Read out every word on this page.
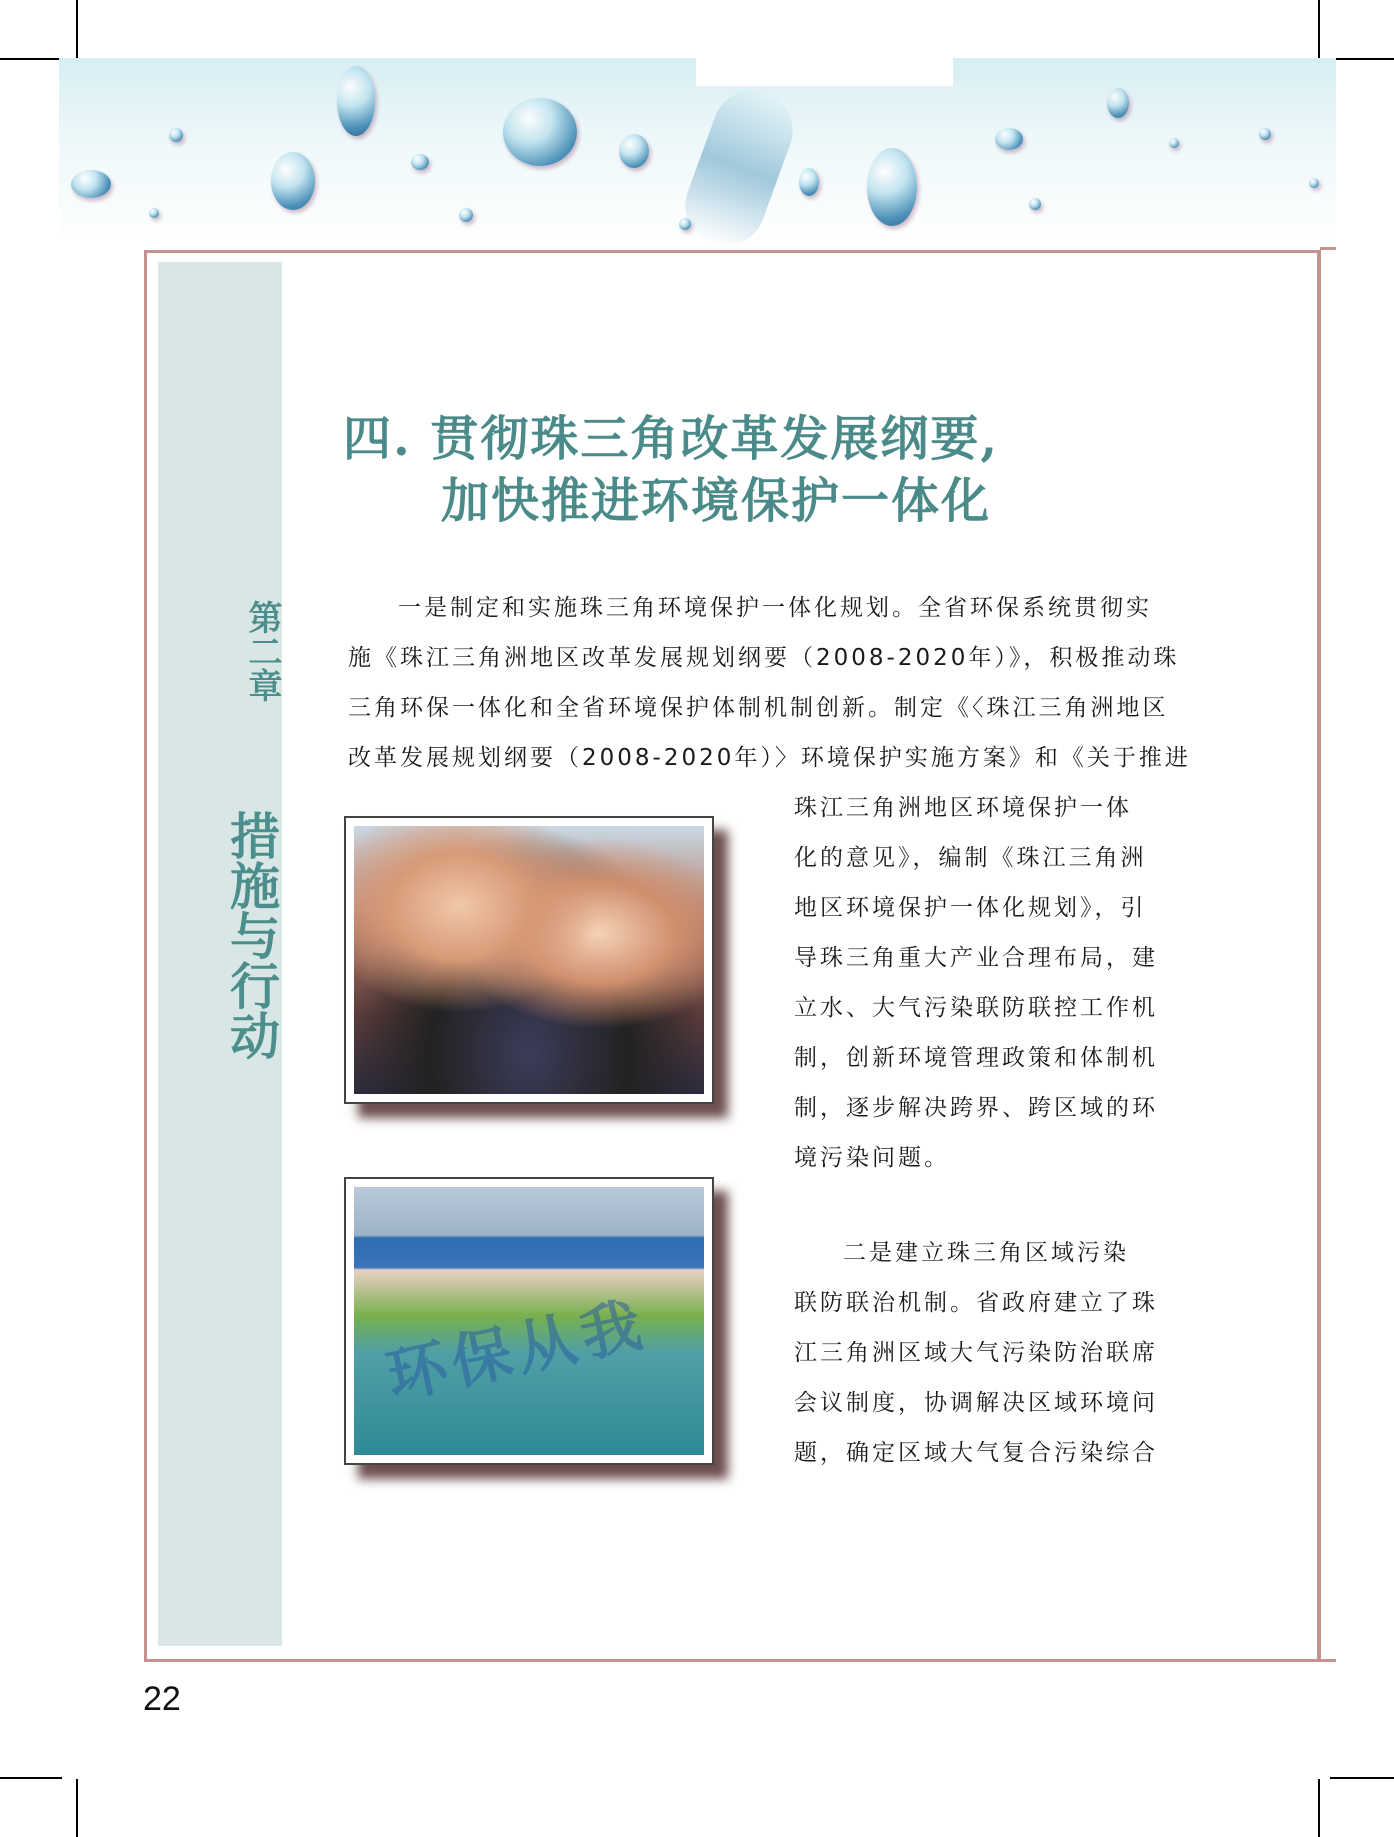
第二章
措施与行动
四. 贯彻珠三角改革发展纲要,
加快推进环境保护一体化
一是制定和实施珠三角环境保护一体化规划。全省环保系统贯彻实
施《珠江三角洲地区改革发展规划纲要（2008-2020年）》，积极推动珠
三角环保一体化和全省环境保护体制机制创新。制定《〈珠江三角洲地区
改革发展规划纲要（2008-2020年）〉环境保护实施方案》和《关于推进
珠江三角洲地区环境保护一体
化的意见》，编制《珠江三角洲
地区环境保护一体化规划》，引
导珠三角重大产业合理布局，建
立水、大气污染联防联控工作机
制，创新环境管理政策和体制机
制，逐步解决跨界、跨区域的环
境污染问题。
二是建立珠三角区域污染
联防联治机制。省政府建立了珠
江三角洲区域大气污染防治联席
会议制度，协调解决区域环境问
题，确定区域大气复合污染综合
环保从我
22
